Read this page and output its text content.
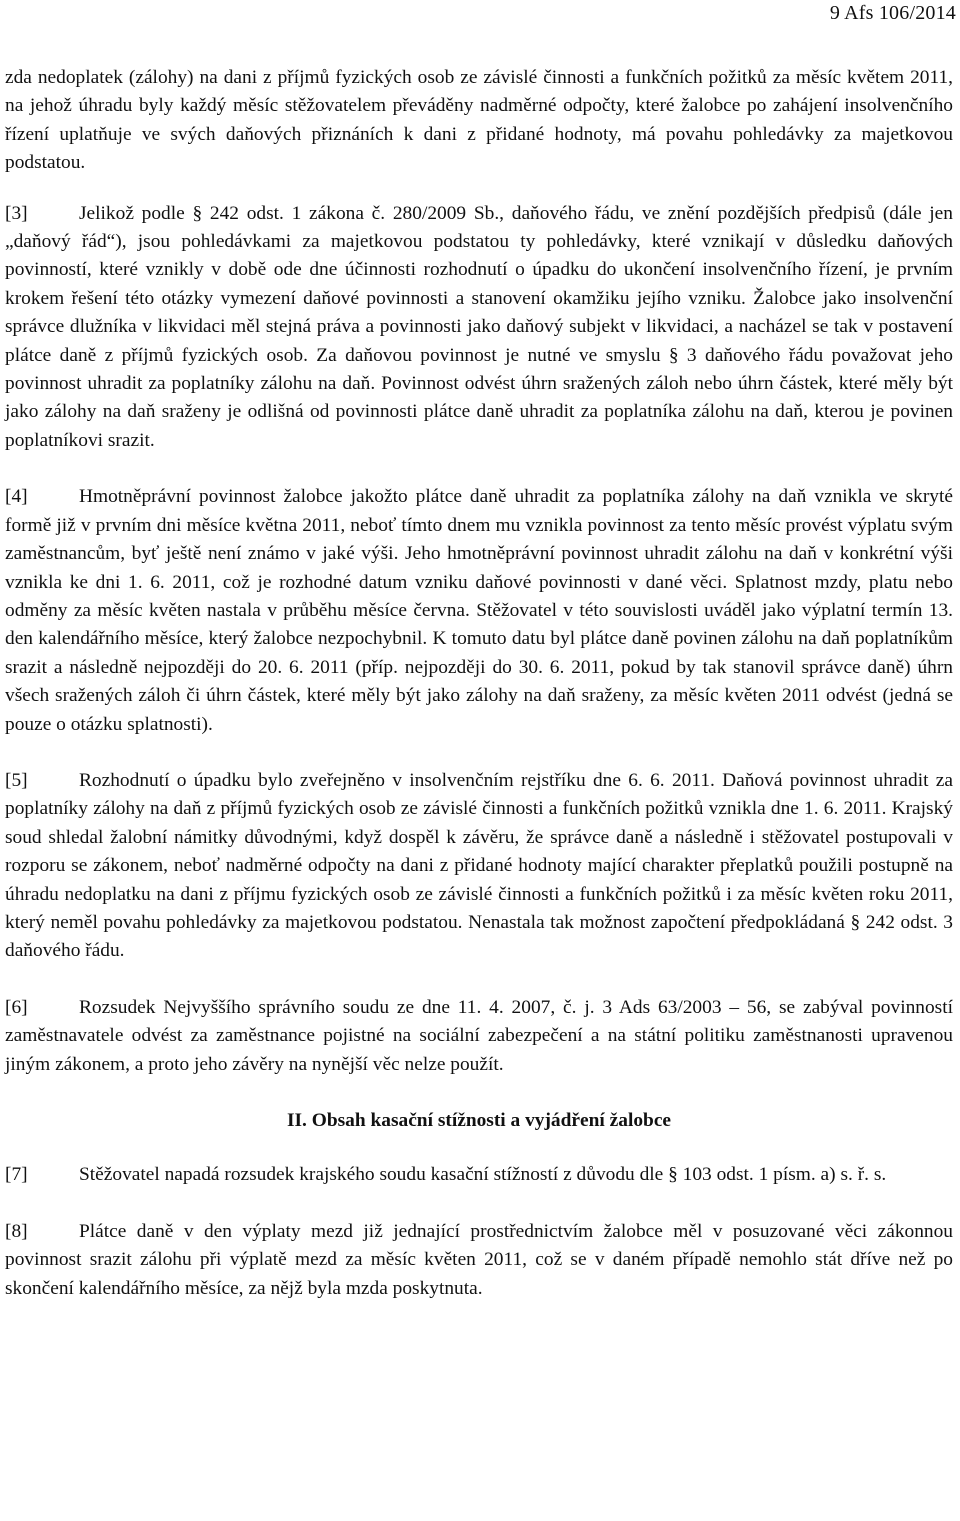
9 Afs 106/2014

zda nedoplatek (zálohy) na dani z příjmů fyzických osob ze závislé činnosti a funkčních požitků za měsíc květem 2011, na jehož úhradu byly každý měsíc stěžovatelem převáděny nadměrné odpočty, které žalobce po zahájení insolvenčního řízení uplatňuje ve svých daňových přiznáních k dani z přidané hodnoty, má povahu pohledávky za majetkovou podstatou.

[3]	Jelikož podle § 242 odst. 1 zákona č. 280/2009 Sb., daňového řádu, ve znění pozdějších předpisů (dále jen „daňový řád“), jsou pohledávkami za majetkovou podstatou ty pohledávky, které vznikají v důsledku daňových povinností, které vznikly v době ode dne účinnosti rozhodnutí o úpadku do ukončení insolvenčního řízení, je prvním krokem řešení této otázky vymezení daňové povinnosti a stanovení okamžiku jejího vzniku. Žalobce jako insolvenční správce dlužníka v likvidaci měl stejná práva a povinnosti jako daňový subjekt v likvidaci, a nacházel se tak v postavení plátce daně z příjmů fyzických osob. Za daňovou povinnost je nutné ve smyslu § 3 daňového řádu považovat jeho povinnost uhradit za poplatníky zálohu na daň. Povinnost odvést úhrn sražených záloh nebo úhrn částek, které měly být jako zálohy na daň sraženy je odlišná od povinnosti plátce daně uhradit za poplatníka zálohu na daň, kterou je povinen poplatníkovi srazit.

[4]	Hmotněprávní povinnost žalobce jakožto plátce daně uhradit za poplatníka zálohy na daň vznikla ve skryté formě již v prvním dni měsíce května 2011, neboť tímto dnem mu vznikla povinnost za tento měsíc provést výplatu svým zaměstnancům, byť ještě není známo v jaké výši. Jeho hmotněprávní povinnost uhradit zálohu na daň v konkrétní výši vznikla ke dni 1. 6. 2011, což je rozhodné datum vzniku daňové povinnosti v dané věci. Splatnost mzdy, platu nebo odměny za měsíc květen nastala v průběhu měsíce června. Stěžovatel v této souvislosti uváděl jako výplatní termín 13. den kalendářního měsíce, který žalobce nezpochybnil. K tomuto datu byl plátce daně povinen zálohu na daň poplatníkům srazit a následně nejpozději do 20. 6. 2011 (příp. nejpozději do 30. 6. 2011, pokud by tak stanovil správce daně) úhrn všech sražených záloh či úhrn částek, které měly být jako zálohy na daň sraženy, za měsíc květen 2011 odvést (jedná se pouze o otázku splatnosti).

[5]	Rozhodnutí o úpadku bylo zveřejněno v insolvenčním rejstříku dne 6. 6. 2011. Daňová povinnost uhradit za poplatníky zálohy na daň z příjmů fyzických osob ze závislé činnosti a funkčních požitků vznikla dne 1. 6. 2011. Krajský soud shledal žalobní námitky důvodnými, když dospěl k závěru, že správce daně a následně i stěžovatel postupovali v rozporu se zákonem, neboť nadměrné odpočty na dani z přidané hodnoty mající charakter přeplatků použili postupně na úhradu nedoplatku na dani z příjmu fyzických osob ze závislé činnosti a funkčních požitků i za měsíc květen roku 2011, který neměl povahu pohledávky za majetkovou podstatou. Nenastala tak možnost započtení předpokládaná § 242 odst. 3 daňového řádu.

[6]	Rozsudek Nejvyššího správního soudu ze dne 11. 4. 2007, č. j. 3 Ads 63/2003 – 56, se zabýval povinností zaměstnavatele odvést za zaměstnance pojistné na sociální zabezpečení a na státní politiku zaměstnanosti upravenou jiným zákonem, a proto jeho závěry na nynější věc nelze použít.

II. Obsah kasační stížnosti a vyjádření žalobce

[7]	Stěžovatel napadá rozsudek krajského soudu kasační stížností z důvodu dle § 103 odst. 1 písm. a) s. ř. s.

[8]	Plátce daně v den výplaty mezd již jednající prostřednictvím žalobce měl v posuzované věci zákonnou povinnost srazit zálohu při výplatě mezd za měsíc květen 2011, což se v daném případě nemohlo stát dříve než po skončení kalendářního měsíce, za nějž byla mzda poskytnuta.
